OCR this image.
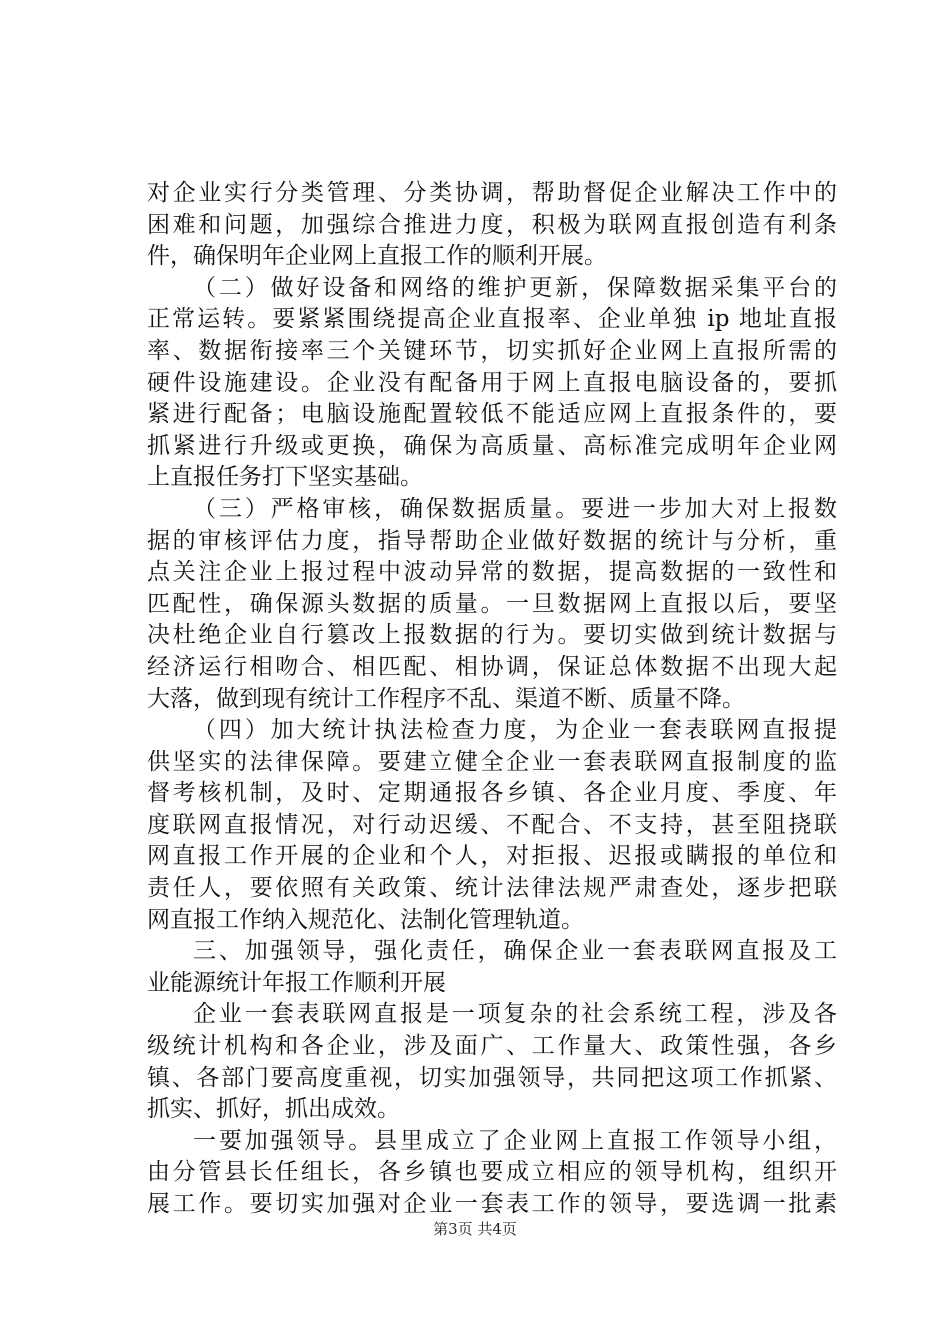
对企业实行分类管理、分类协调，帮助督促企业解决工作中的
困难和问题，加强综合推进力度，积极为联网直报创造有利条
件，确保明年企业网上直报工作的顺利开展。
（二）做好设备和网络的维护更新，保障数据采集平台的
正常运转。要紧紧围绕提高企业直报率、企业单独 ip 地址直报
率、数据衔接率三个关键环节，切实抓好企业网上直报所需的
硬件设施建设。企业没有配备用于网上直报电脑设备的，要抓
紧进行配备；电脑设施配置较低不能适应网上直报条件的，要
抓紧进行升级或更换，确保为高质量、高标准完成明年企业网
上直报任务打下坚实基础。
（三）严格审核，确保数据质量。要进一步加大对上报数
据的审核评估力度，指导帮助企业做好数据的统计与分析，重
点关注企业上报过程中波动异常的数据，提高数据的一致性和
匹配性，确保源头数据的质量。一旦数据网上直报以后，要坚
决杜绝企业自行篡改上报数据的行为。要切实做到统计数据与
经济运行相吻合、相匹配、相协调，保证总体数据不出现大起
大落，做到现有统计工作程序不乱、渠道不断、质量不降。
（四）加大统计执法检查力度，为企业一套表联网直报提
供坚实的法律保障。要建立健全企业一套表联网直报制度的监
督考核机制，及时、定期通报各乡镇、各企业月度、季度、年
度联网直报情况，对行动迟缓、不配合、不支持，甚至阻挠联
网直报工作开展的企业和个人，对拒报、迟报或瞒报的单位和
责任人，要依照有关政策、统计法律法规严肃查处，逐步把联
网直报工作纳入规范化、法制化管理轨道。
三、加强领导，强化责任，确保企业一套表联网直报及工
业能源统计年报工作顺利开展
企业一套表联网直报是一项复杂的社会系统工程，涉及各
级统计机构和各企业，涉及面广、工作量大、政策性强，各乡
镇、各部门要高度重视，切实加强领导，共同把这项工作抓紧、
抓实、抓好，抓出成效。
一要加强领导。县里成立了企业网上直报工作领导小组，
由分管县长任组长，各乡镇也要成立相应的领导机构，组织开
展工作。要切实加强对企业一套表工作的领导，要选调一批素
第3页 共4页
